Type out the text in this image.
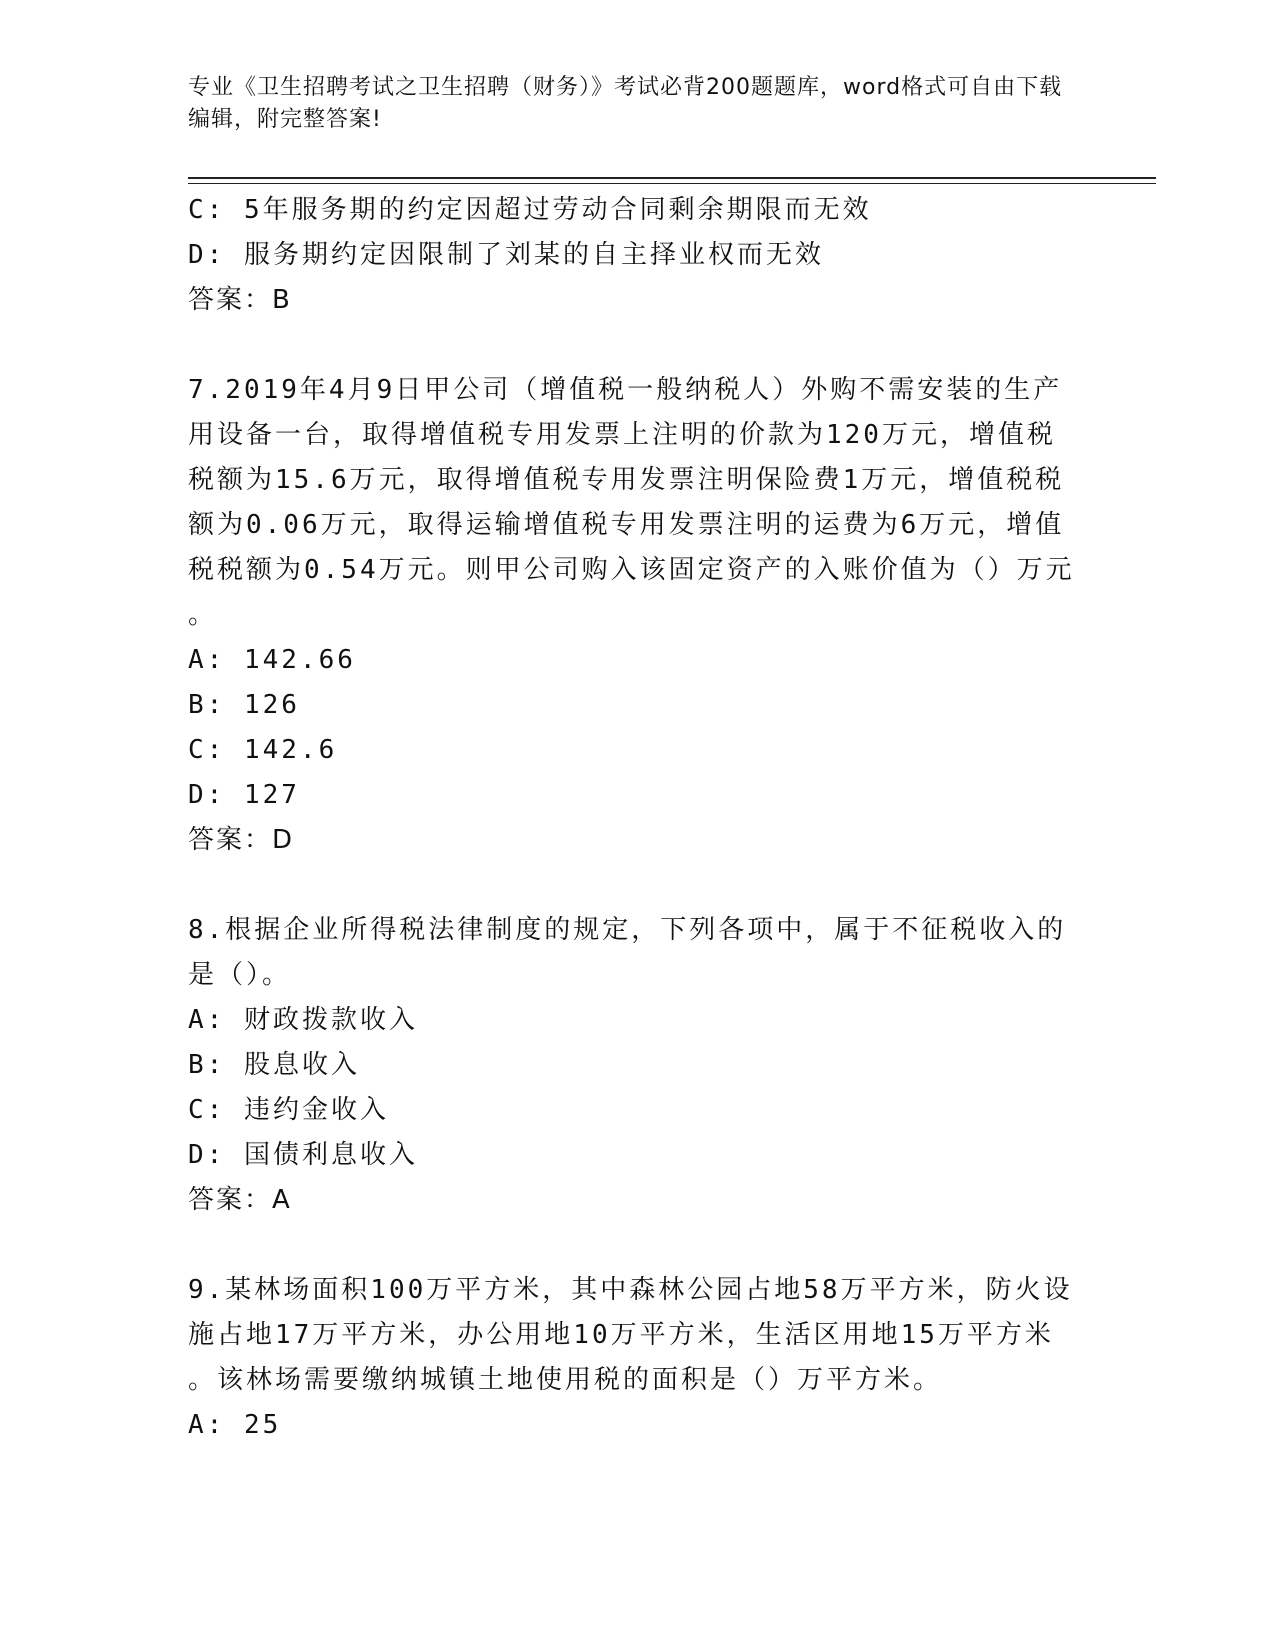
专业《卫生招聘考试之卫生招聘（财务）》考试必背200题题库，word格式可自由下载编辑，附完整答案!
C: 5年服务期的约定因超过劳动合同剩余期限而无效
D: 服务期约定因限制了刘某的自主择业权而无效
答案：B
7.2019年4月9日甲公司（增值税一般纳税人）外购不需安装的生产
用设备一台，取得增值税专用发票上注明的价款为120万元，增值税
税额为15.6万元，取得增值税专用发票注明保险费1万元，增值税税
额为0.06万元，取得运输增值税专用发票注明的运费为6万元，增值
税税额为0.54万元。则甲公司购入该固定资产的入账价值为（）万元
。
A: 142.66
B: 126
C: 142.6
D: 127
答案：D
8.根据企业所得税法律制度的规定，下列各项中，属于不征税收入的
是（）。
A: 财政拨款收入
B: 股息收入
C: 违约金收入
D: 国债利息收入
答案：A
9.某林场面积100万平方米，其中森林公园占地58万平方米，防火设
施占地17万平方米，办公用地10万平方米，生活区用地15万平方米
。该林场需要缴纳城镇土地使用税的面积是（）万平方米。
A: 25
